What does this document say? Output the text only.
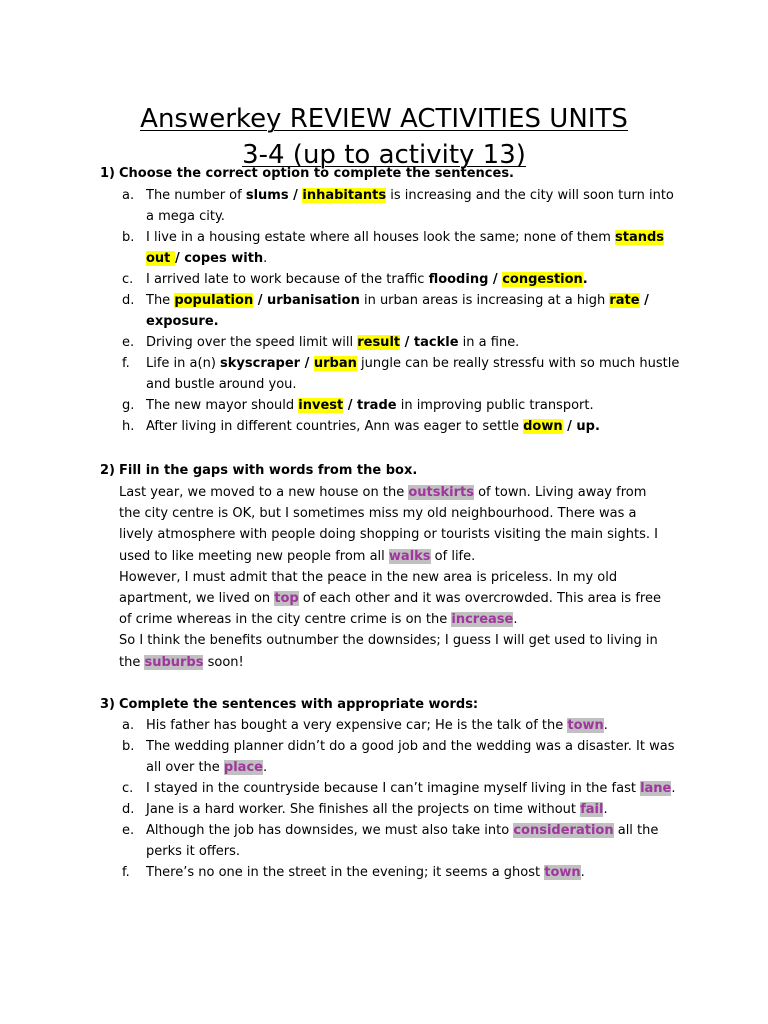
Answerkey REVIEW ACTIVITIES UNITS
3-4 (up to activity 13)
1) Choose the correct option to complete the sentences.
a. The number of slums / inhabitants is increasing and the city will soon turn into a mega city.
b. I live in a housing estate where all houses look the same; none of them stands out / copes with.
c. I arrived late to work because of the traffic flooding / congestion.
d. The population / urbanisation in urban areas is increasing at a high rate / exposure.
e. Driving over the speed limit will result / tackle in a fine.
f. Life in a(n) skyscraper / urban jungle can be really stressfu with so much hustle and bustle around you.
g. The new mayor should invest / trade in improving public transport.
h. After living in different countries, Ann was eager to settle down / up.
2) Fill in the gaps with words from the box.
Last year, we moved to a new house on the outskirts of town. Living away from the city centre is OK, but I sometimes miss my old neighbourhood. There was a lively atmosphere with people doing shopping or tourists visiting the main sights. I used to like meeting new people from all walks of life.
However, I must admit that the peace in the new area is priceless. In my old apartment, we lived on top of each other and it was overcrowded. This area is free of crime whereas in the city centre crime is on the increase.
So I think the benefits outnumber the downsides; I guess I will get used to living in the suburbs soon!
3) Complete the sentences with appropriate words:
a. His father has bought a very expensive car; He is the talk of the town.
b. The wedding planner didn’t do a good job and the wedding was a disaster. It was all over the place.
c. I stayed in the countryside because I can’t imagine myself living in the fast lane.
d. Jane is a hard worker. She finishes all the projects on time without fail.
e. Although the job has downsides, we must also take into consideration all the perks it offers.
f. There’s no one in the street in the evening; it seems a ghost town.
